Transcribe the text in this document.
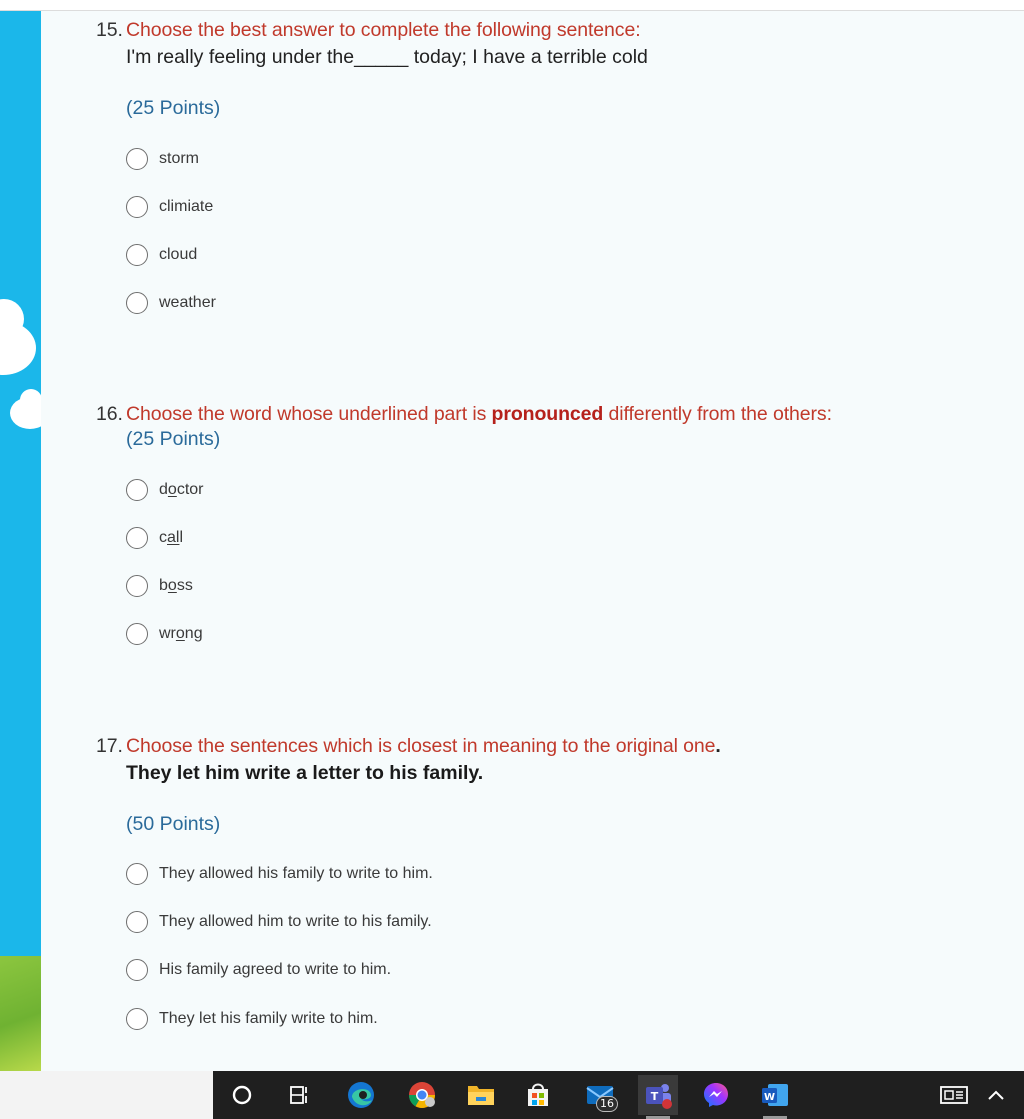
15. Choose the best answer to complete the following sentence:
I'm really feeling under the_____ today; I have a terrible cold
(25 Points)
storm
climiate
cloud
weather
16. Choose the word whose underlined part is pronounced differently from the others:
(25 Points)
doctor
call
boss
wrong
17. Choose the sentences which is closest in meaning to the original one.
They let him write a letter to his family.
(50 Points)
They allowed his family to write to him.
They allowed him to write to his family.
His family agreed to write to him.
They let his family write to him.
16
T	W
